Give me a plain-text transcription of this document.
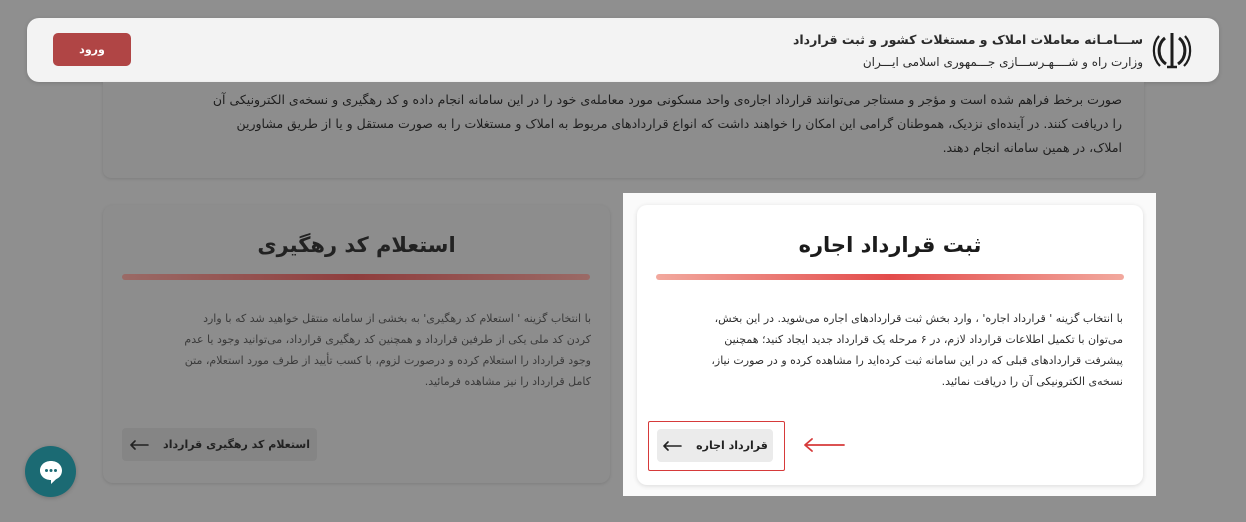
ســـامـانه معاملات املاک و مستغلات کشور و ثبت قرارداد
وزارت راه و شــــهـرســـازی جـــمهوری اسلامی ایـــران
ورود
صورت برخط فراهم شده است و مؤجر و مستاجر می‌توانند قرارداد اجاره‌ی واحد مسکونی مورد معامله‌ی خود را در این سامانه انجام داده و کد رهگیری و نسخه‌ی الکترونیکی آن
را دریافت کنند. در آینده‌ای نزدیک، هموطنان گرامی این امکان را خواهند داشت که انواع قراردادهای مربوط به املاک و مستغلات را به صورت مستقل و یا از طریق مشاورین
املاک، در همین سامانه انجام دهند.
استعلام کد رهگیری
با انتخاب گزینه ' استعلام کد رهگیری' به بخشی از سامانه منتقل خواهید شد که با وارد
کردن کد ملی یکی از طرفین قرارداد و همچنین کد رهگیری قرارداد، می‌توانید وجود یا عدم
وجود قرارداد را استعلام کرده و درصورت لزوم، با کسب تأیید از طرف مورد استعلام، متن
کامل قرارداد را نیز مشاهده فرمائید.
استعلام کد رهگیری قرارداد
ثبت قرارداد اجاره
با انتخاب گزینه ' قرارداد اجاره' ، وارد بخش ثبت قراردادهای اجاره می‌شوید. در این بخش،
می‌توان با تکمیل اطلاعات قرارداد لازم، در ۶ مرحله یک قرارداد جدید ایجاد کنید؛ همچنین
پیشرفت قراردادهای قبلی که در این سامانه ثبت کرده‌اید را مشاهده کرده و در صورت نیاز،
نسخه‌ی الکترونیکی آن را دریافت نمائید.
قرارداد اجاره
